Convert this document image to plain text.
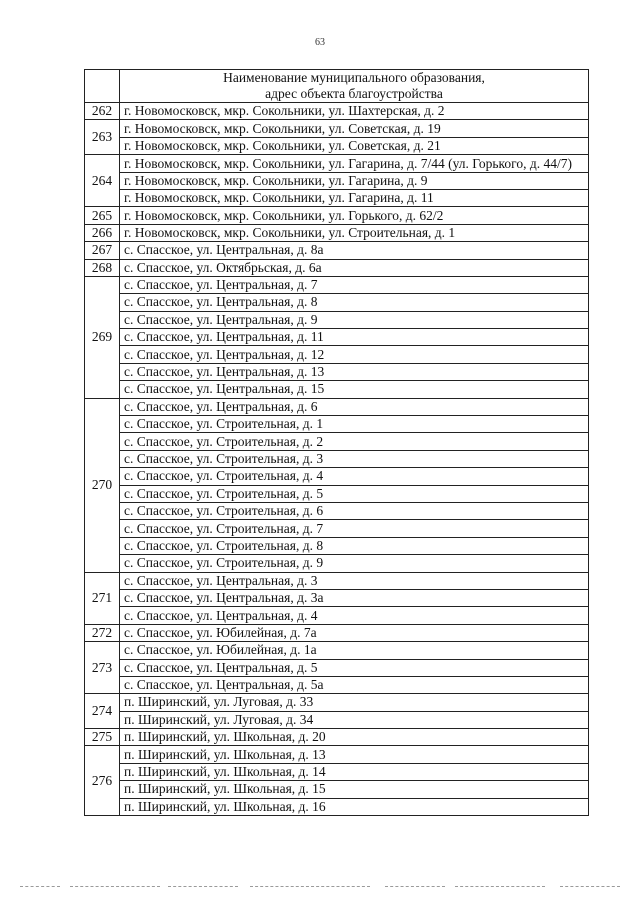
63
	Наименование муниципального образования,
адрес объекта благоустройства
262	г. Новомосковск, мкр. Сокольники, ул. Шахтерская, д. 2
263	г. Новомосковск, мкр. Сокольники, ул. Советская, д. 19
	г. Новомосковск, мкр. Сокольники, ул. Советская, д. 21
264	г. Новомосковск, мкр. Сокольники, ул. Гагарина, д. 7/44 (ул. Горького, д. 44/7)
	г. Новомосковск, мкр. Сокольники, ул. Гагарина, д. 9
	г. Новомосковск, мкр. Сокольники, ул. Гагарина, д. 11
265	г. Новомосковск, мкр. Сокольники, ул. Горького, д. 62/2
266	г. Новомосковск, мкр. Сокольники, ул. Строительная, д. 1
267	с. Спасское, ул. Центральная, д. 8а
268	с. Спасское, ул. Октябрьская, д. 6а
269	с. Спасское, ул. Центральная, д. 7
	с. Спасское, ул. Центральная, д. 8
	с. Спасское, ул. Центральная, д. 9
	с. Спасское, ул. Центральная, д. 11
	с. Спасское, ул. Центральная, д. 12
	с. Спасское, ул. Центральная, д. 13
	с. Спасское, ул. Центральная, д. 15
270	с. Спасское, ул. Центральная, д. 6
	с. Спасское, ул. Строительная, д. 1
	с. Спасское, ул. Строительная, д. 2
	с. Спасское, ул. Строительная, д. 3
	с. Спасское, ул. Строительная, д. 4
	с. Спасское, ул. Строительная, д. 5
	с. Спасское, ул. Строительная, д. 6
	с. Спасское, ул. Строительная, д. 7
	с. Спасское, ул. Строительная, д. 8
	с. Спасское, ул. Строительная, д. 9
271	с. Спасское, ул. Центральная, д. 3
	с. Спасское, ул. Центральная, д. 3а
	с. Спасское, ул. Центральная, д. 4
272	с. Спасское, ул. Юбилейная, д. 7а
273	с. Спасское, ул. Юбилейная, д. 1а
	с. Спасское, ул. Центральная, д. 5
	с. Спасское, ул. Центральная, д. 5а
274	п. Ширинский, ул. Луговая, д. 33
	п. Ширинский, ул. Луговая, д. 34
275	п. Ширинский, ул. Школьная, д. 20
276	п. Ширинский, ул. Школьная, д. 13
	п. Ширинский, ул. Школьная, д. 14
	п. Ширинский, ул. Школьная, д. 15
	п. Ширинский, ул. Школьная, д. 16
